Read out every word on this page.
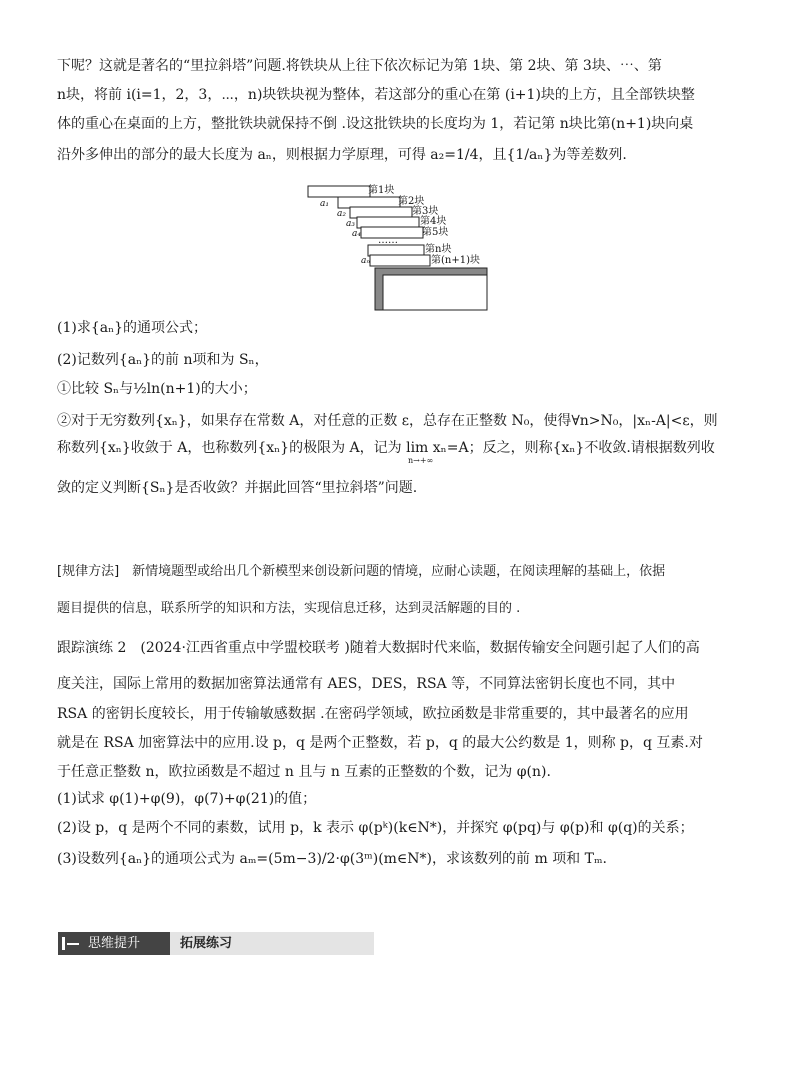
下呢？这就是著名的“里拉斜塔”问题.将铁块从上往下依次标记为第 1块、第 2块、第 3块、⋯、第
n块，将前 i(i=1，2，3，⋯，n)块铁块视为整体，若这部分的重心在第 (i+1)块的上方，且全部铁块整
体的重心在桌面的上方，整批铁块就保持不倒 .设这批铁块的长度均为 1，若记第 n块比第(n+1)块向桌
沿外多伸出的部分的最大长度为 aₙ，则根据力学原理，可得 a₂=1/4，且{1/aₙ}为等差数列.
第1块
第2块
第3块
第4块
第5块
第n块
第(n+1)块
a₁
a₂
a₃
a₄
aₙ
……
(1)求{aₙ}的通项公式；
(2)记数列{aₙ}的前 n项和为 Sₙ，
①比较 Sₙ与½ln(n+1)的大小；
②对于无穷数列{xₙ}，如果存在常数 A，对任意的正数 ε，总存在正整数 N₀，使得∀n>N₀，|xₙ-A|<ε，则
称数列{xₙ}收敛于 A，也称数列{xₙ}的极限为 A，记为 lim xₙ=A；反之，则称{xₙ}不收敛.请根据数列收
n→+∞
敛的定义判断{Sₙ}是否收敛？并据此回答“里拉斜塔”问题.
[规律方法]　新情境题型或给出几个新模型来创设新问题的情境，应耐心读题，在阅读理解的基础上，依据
题目提供的信息，联系所学的知识和方法，实现信息迁移，达到灵活解题的目的 .
跟踪演练 2　(2024·江西省重点中学盟校联考 )随着大数据时代来临，数据传输安全问题引起了人们的高
度关注，国际上常用的数据加密算法通常有 AES，DES，RSA 等，不同算法密钥长度也不同，其中
RSA 的密钥长度较长，用于传输敏感数据 .在密码学领域，欧拉函数是非常重要的，其中最著名的应用
就是在 RSA 加密算法中的应用.设 p，q 是两个正整数，若 p，q 的最大公约数是 1，则称 p，q 互素.对
于任意正整数 n，欧拉函数是不超过 n 且与 n 互素的正整数的个数，记为 φ(n).
(1)试求 φ(1)+φ(9)，φ(7)+φ(21)的值；
(2)设 p，q 是两个不同的素数，试用 p，k 表示 φ(pᵏ)(k∈N*)，并探究 φ(pq)与 φ(p)和 φ(q)的关系；
(3)设数列{aₙ}的通项公式为 aₘ=(5m−3)/2·φ(3ᵐ)(m∈N*)，求该数列的前 m 项和 Tₘ.
思维提升	拓展练习
